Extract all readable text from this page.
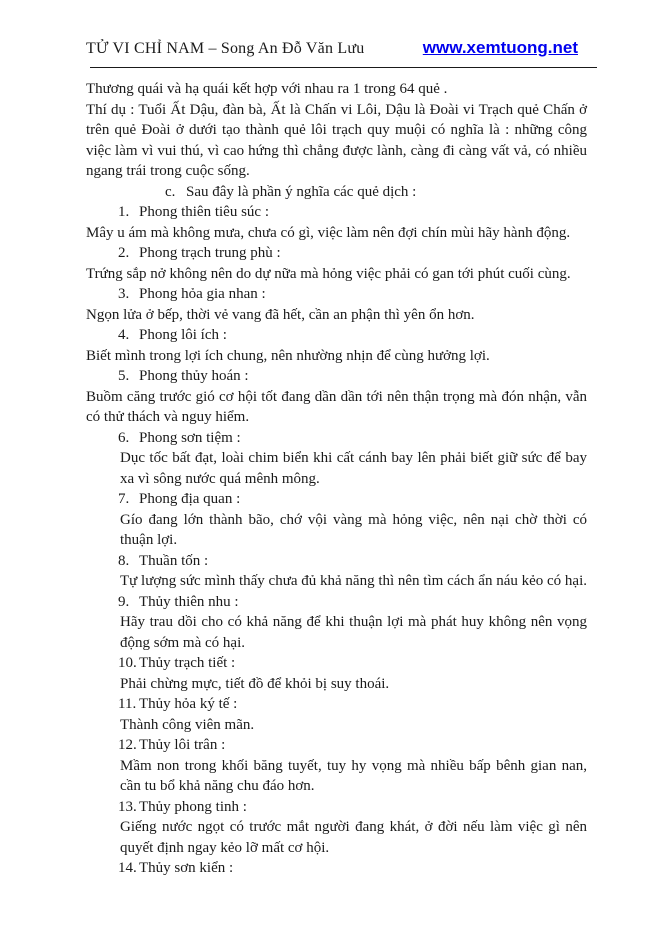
TỬ VI CHỈ NAM – Song An Đỗ Văn Lưu	www.xemtuong.net

Thương quái và hạ quái kết hợp với nhau ra 1 trong 64 quẻ .

Thí dụ : Tuổi Ất Dậu, đàn bà, Ất là Chấn vi Lôi, Dậu là Đoài vi Trạch quẻ Chấn ở trên quẻ Đoài ở dưới tạo thành quẻ lôi trạch quy muội có nghĩa là : những công việc làm vì vui thú, vì cao hứng thì chẳng được lành, càng đi càng vất vả, có nhiều ngang trái trong cuộc sống.

c. Sau đây là phần ý nghĩa các quẻ dịch :

1. Phong thiên tiêu súc :

Mây u ám mà không mưa, chưa có gì, việc làm nên đợi chín mùi hãy hành động.

2. Phong trạch trung phù :

Trứng sắp nở không nên do dự nữa mà hỏng việc phải có gan tới phút cuối cùng.

3. Phong hỏa gia nhan :

Ngọn lửa ở bếp, thời vẻ vang đã hết, cần an phận thì yên ổn hơn.

4. Phong lôi ích :

Biết mình trong lợi ích chung, nên nhường nhịn để cùng hưởng lợi.

5. Phong thủy hoán :

Buồm căng trước gió cơ hội tốt đang dần dần tới nên thận trọng mà đón nhận, vẫn có thử thách và nguy hiểm.

6. Phong sơn tiệm :

Dục tốc bất đạt, loài chim biển khi cất cánh bay lên phải biết giữ sức để bay xa vì sông nước quá mênh mông.

7. Phong địa quan :

Gío đang lớn thành bão, chớ vội vàng mà hỏng việc, nên nại chờ thời có thuận lợi.

8. Thuần tốn :

Tự lượng sức mình thấy chưa đủ khả năng thì nên tìm cách ẩn náu kẻo có hại.

9. Thủy thiên nhu :

Hãy trau dồi cho có khả năng để khi thuận lợi mà phát huy không nên vọng động sớm mà có hại.

10. Thủy trạch tiết :

Phải chừng mực, tiết đồ để khỏi bị suy thoái.

11. Thủy hỏa ký tế :

Thành công viên mãn.

12. Thủy lôi trân :

Mầm non trong khối băng tuyết, tuy hy vọng mà nhiều bấp bênh gian nan, cần tu bổ khả năng chu đáo hơn.

13. Thủy phong tinh :

Giếng nước ngọt có trước mắt người đang khát, ở đời nếu làm việc gì nên quyết định ngay kẻo lỡ mất cơ hội.

14. Thủy sơn kiển :
